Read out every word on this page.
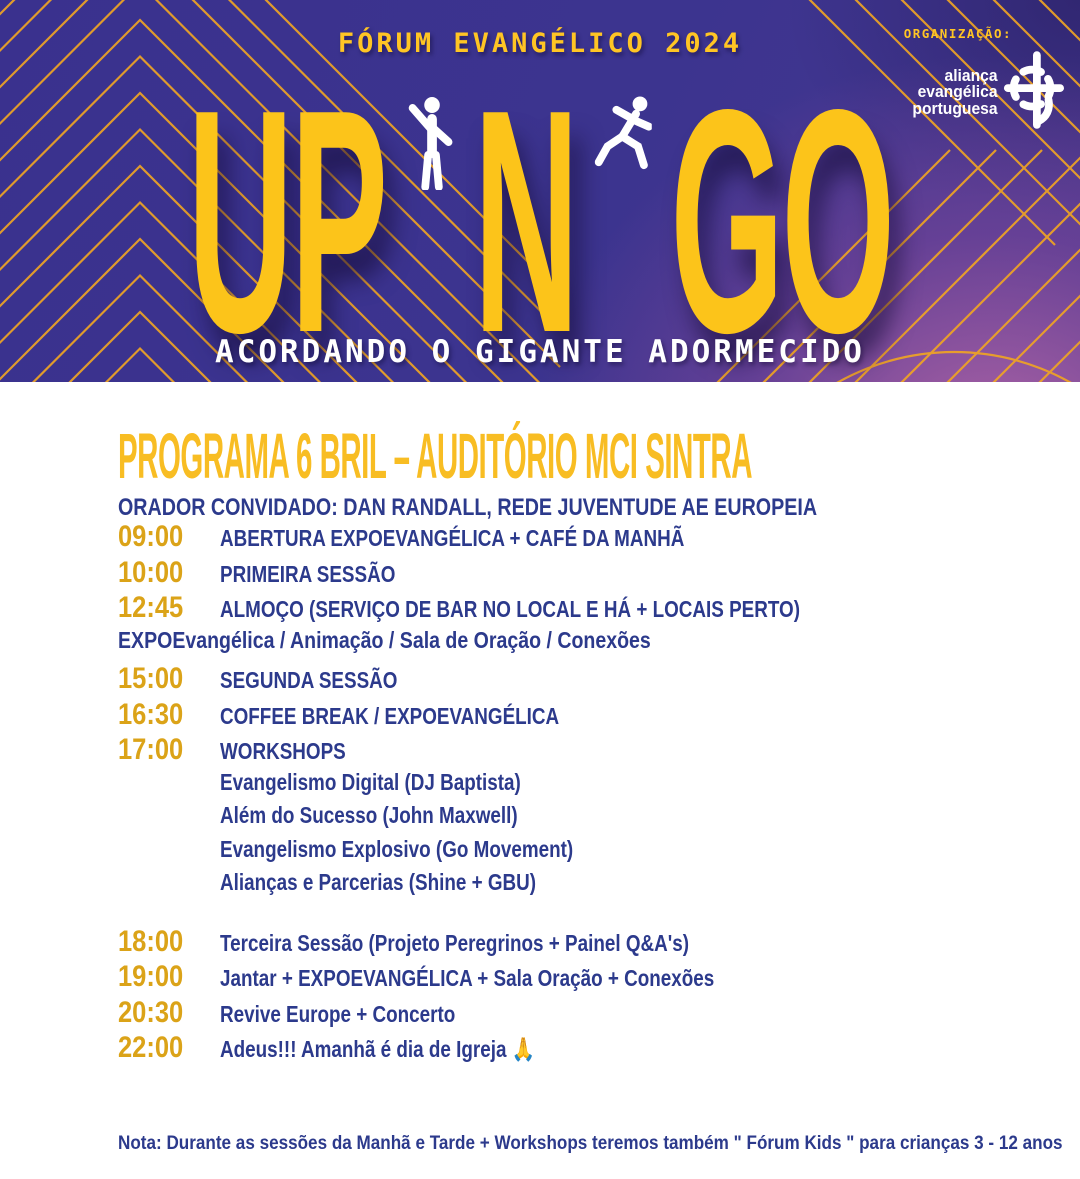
FÓRUM EVANGÉLICO 2024	ORGANIZAÇÃO:
aliança
evangélica
portuguesa
UP N GO
ACORDANDO O GIGANTE ADORMECIDO
PROGRAMA 6 BRIL – AUDITÓRIO MCI SINTRA
ORADOR CONVIDADO: DAN RANDALL, REDE JUVENTUDE AE EUROPEIA
09:00	ABERTURA EXPOEVANGÉLICA + CAFÉ DA MANHÃ
10:00	PRIMEIRA SESSÃO
12:45	ALMOÇO (SERVIÇO DE BAR NO LOCAL E HÁ + LOCAIS PERTO)
EXPOEvangélica / Animação / Sala de Oração / Conexões
15:00	SEGUNDA SESSÃO
16:30	COFFEE BREAK / EXPOEVANGÉLICA
17:00	WORKSHOPS
Evangelismo Digital (DJ Baptista)
Além do Sucesso (John Maxwell)
Evangelismo Explosivo (Go Movement)
Alianças e Parcerias (Shine + GBU)
18:00	Terceira Sessão (Projeto Peregrinos + Painel Q&A's)
19:00	Jantar + EXPOEVANGÉLICA + Sala Oração + Conexões
20:30	Revive Europe + Concerto
22:00	Adeus!!! Amanhã é dia de Igreja 🙏
Nota: Durante as sessões da Manhã e Tarde + Workshops teremos também " Fórum Kids " para crianças 3 - 12 anos
